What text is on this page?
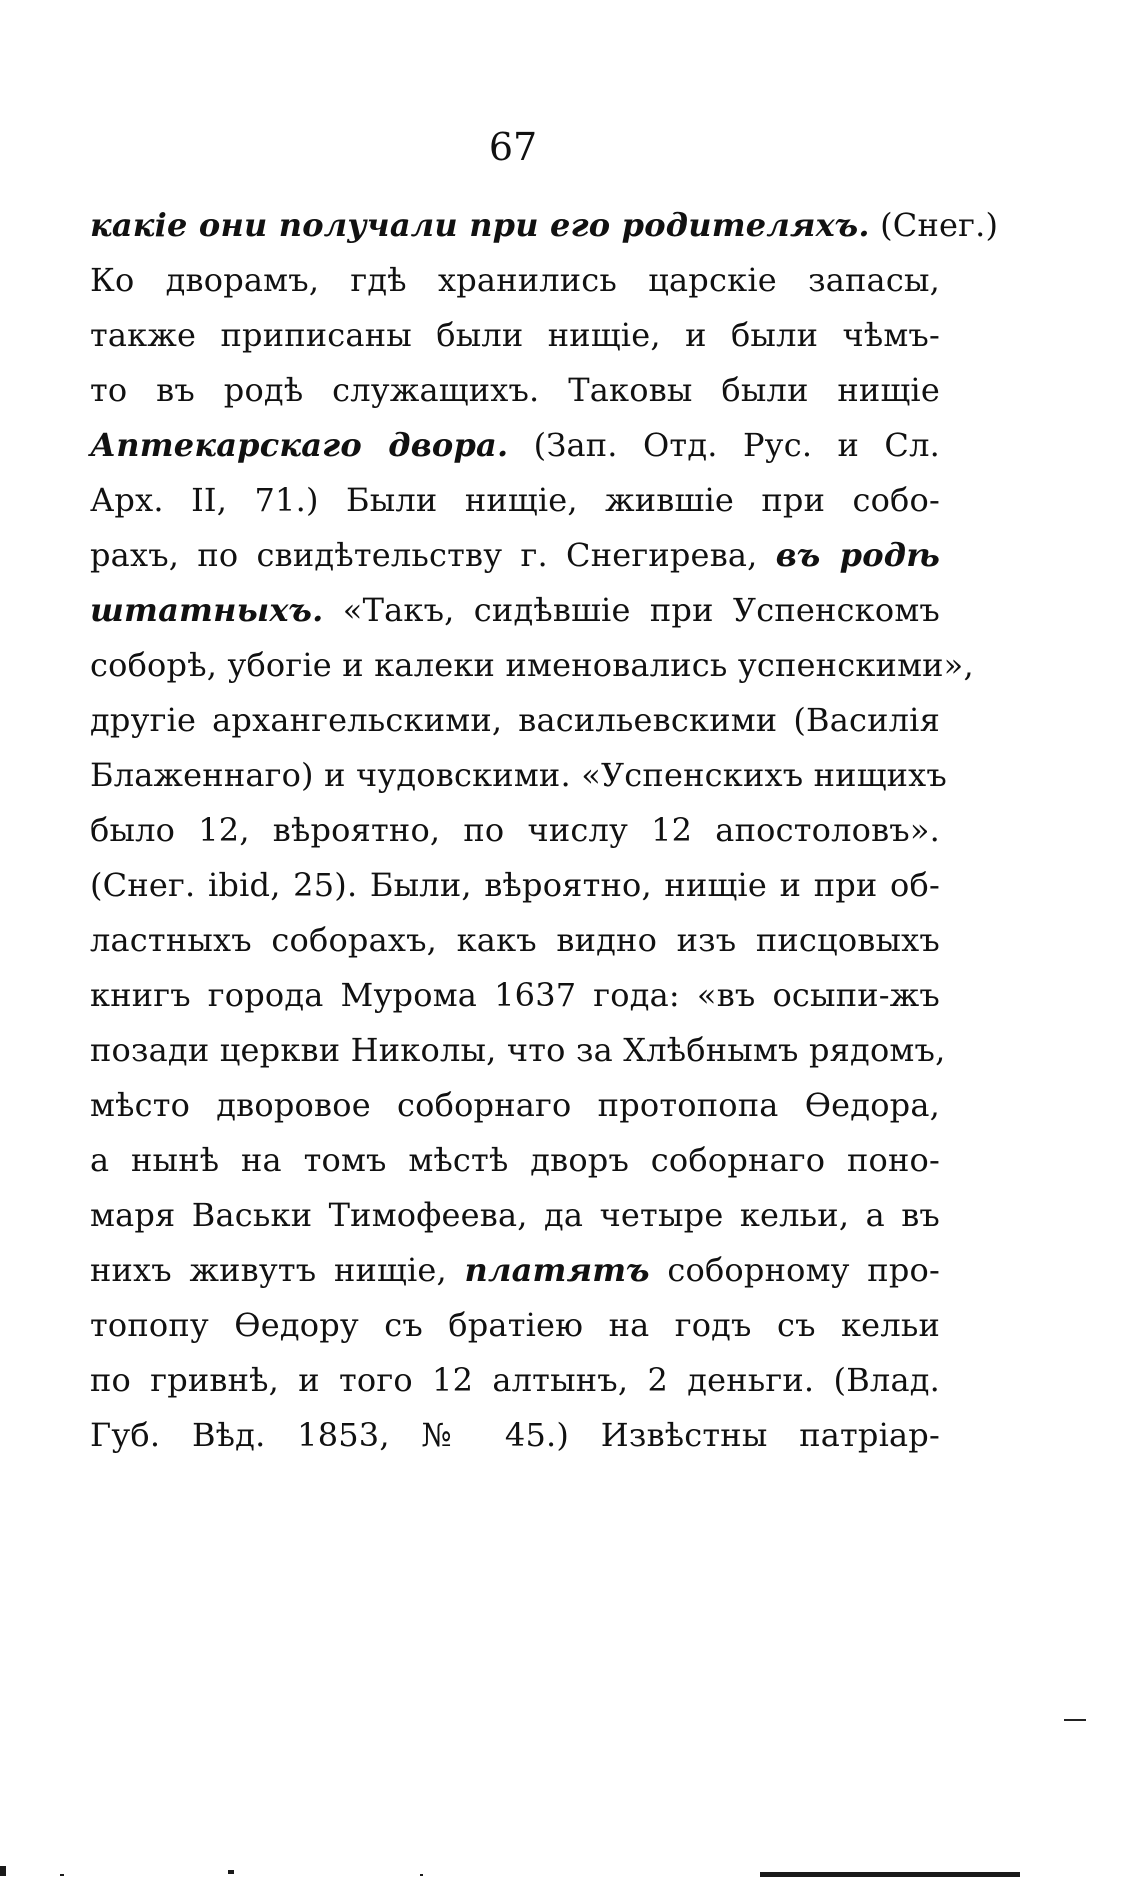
67
кaкie они получали при его родителяхъ. (Снег.)
Ко дворамъ, гдѣ хранились царскie запасы,
также приписаны были нищie, и были чѣмъ-
то въ родѣ служащихъ. Таковы были нищie
Аптекарскаго двора. (Зап. Отд. Рус. и Сл.
Арх. II, 71.) Были нищie, жившie при собо-
рахъ, по свидѣтельству г. Снегирева, въ родѣ
штатныхъ. «Такъ, сидѣвшie при Успенскомъ
соборѣ, убогie и калеки именовались успенскими»,
другie архангельскими, васильевскими (Василiя
Блаженнаго) и чудовскими. «Успенскихъ нищихъ
было 12, вѣроятно, по числу 12 апостоловъ».
(Снег. ibid, 25). Были, вѣроятно, нищie и при об-
ластныхъ соборахъ, какъ видно изъ писцовыхъ
книгъ города Мурома 1637 года: «въ осыпи-жъ
позади церкви Николы, что за Хлѣбнымъ рядомъ,
мѣсто дворовое соборнаго протопопа Ѳедора,
а нынѣ на томъ мѣстѣ дворъ соборнаго поно-
маря Васьки Тимофеева, да четыре кельи, а въ
нихъ живутъ нищie, платятъ соборному про-
топопу Ѳедору съ братieю на годъ съ кельи
по гривнѣ, и того 12 алтынъ, 2 деньги. (Влад.
Губ. Вѣд. 1853, № 45.) Извѣстны патрiар-
